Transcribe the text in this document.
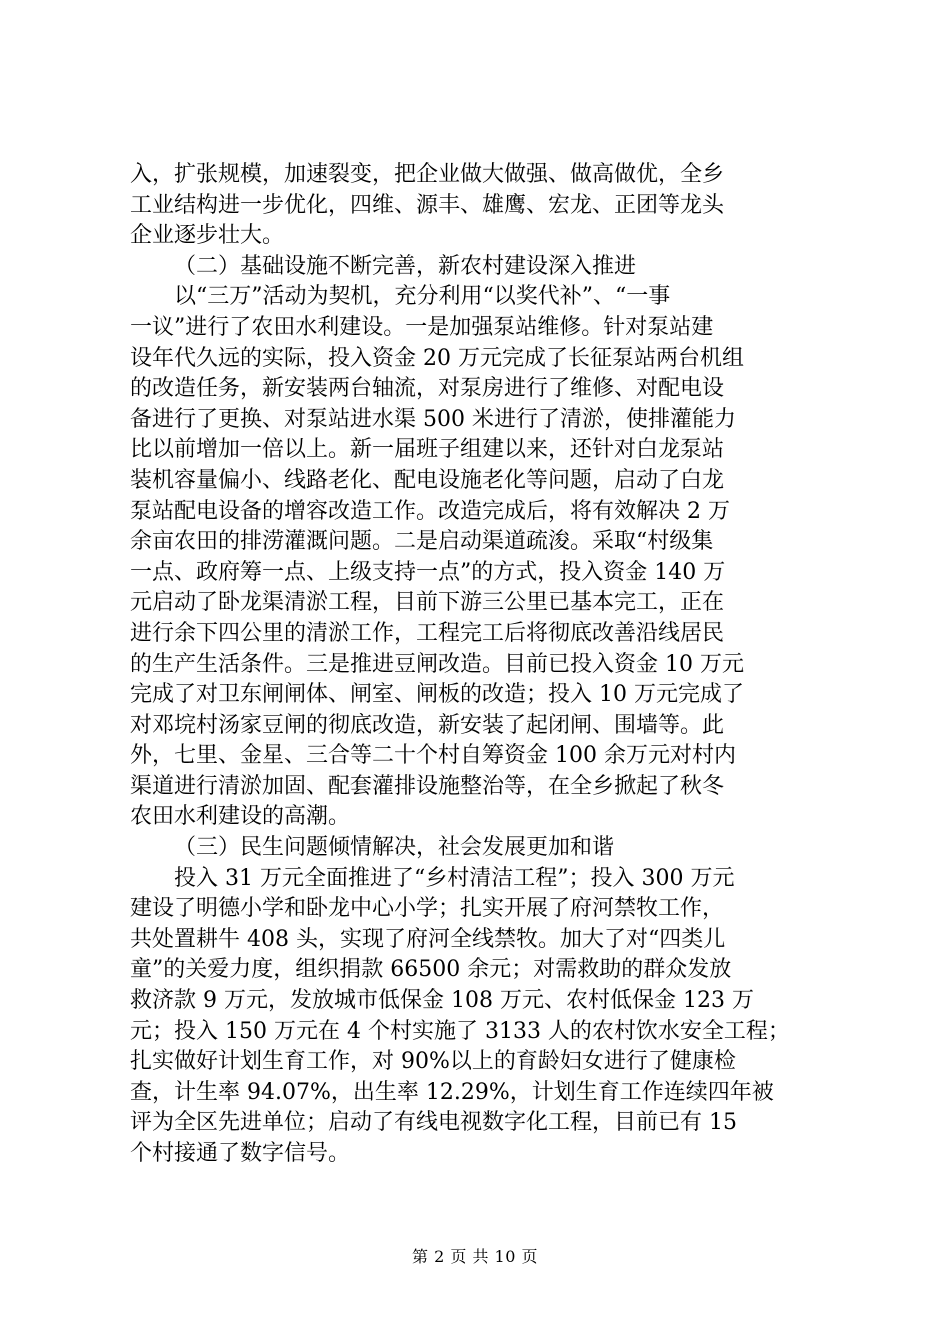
入，扩张规模，加速裂变，把企业做大做强、做高做优，全乡
工业结构进一步优化，四维、源丰、雄鹰、宏龙、正团等龙头
企业逐步壮大。
（二）基础设施不断完善，新农村建设深入推进
以“三万”活动为契机，充分利用“以奖代补”、“一事
一议”进行了农田水利建设。一是加强泵站维修。针对泵站建
设年代久远的实际，投入资金 20 万元完成了长征泵站两台机组
的改造任务，新安装两台轴流，对泵房进行了维修、对配电设
备进行了更换、对泵站进水渠 500 米进行了清淤，使排灌能力
比以前增加一倍以上。新一届班子组建以来，还针对白龙泵站
装机容量偏小、线路老化、配电设施老化等问题，启动了白龙
泵站配电设备的增容改造工作。改造完成后，将有效解决 2 万
余亩农田的排涝灌溉问题。二是启动渠道疏浚。采取“村级集
一点、政府筹一点、上级支持一点”的方式，投入资金 140 万
元启动了卧龙渠清淤工程，目前下游三公里已基本完工，正在
进行余下四公里的清淤工作，工程完工后将彻底改善沿线居民
的生产生活条件。三是推进豆闸改造。目前已投入资金 10 万元
完成了对卫东闸闸体、闸室、闸板的改造；投入 10 万元完成了
对邓垸村汤家豆闸的彻底改造，新安装了起闭闸、围墙等。此
外，七里、金星、三合等二十个村自筹资金 100 余万元对村内
渠道进行清淤加固、配套灌排设施整治等，在全乡掀起了秋冬
农田水利建设的高潮。
（三）民生问题倾情解决，社会发展更加和谐
投入 31 万元全面推进了“乡村清洁工程”；投入 300 万元
建设了明德小学和卧龙中心小学；扎实开展了府河禁牧工作，
共处置耕牛 408 头，实现了府河全线禁牧。加大了对“四类儿
童”的关爱力度，组织捐款 66500 余元；对需救助的群众发放
救济款 9 万元，发放城市低保金 108 万元、农村低保金 123 万
元；投入 150 万元在 4 个村实施了 3133 人的农村饮水安全工程；
扎实做好计划生育工作，对 90%以上的育龄妇女进行了健康检
查，计生率 94.07%，出生率 12.29%，计划生育工作连续四年被
评为全区先进单位；启动了有线电视数字化工程，目前已有 15
个村接通了数字信号。
第 2 页 共 10 页
